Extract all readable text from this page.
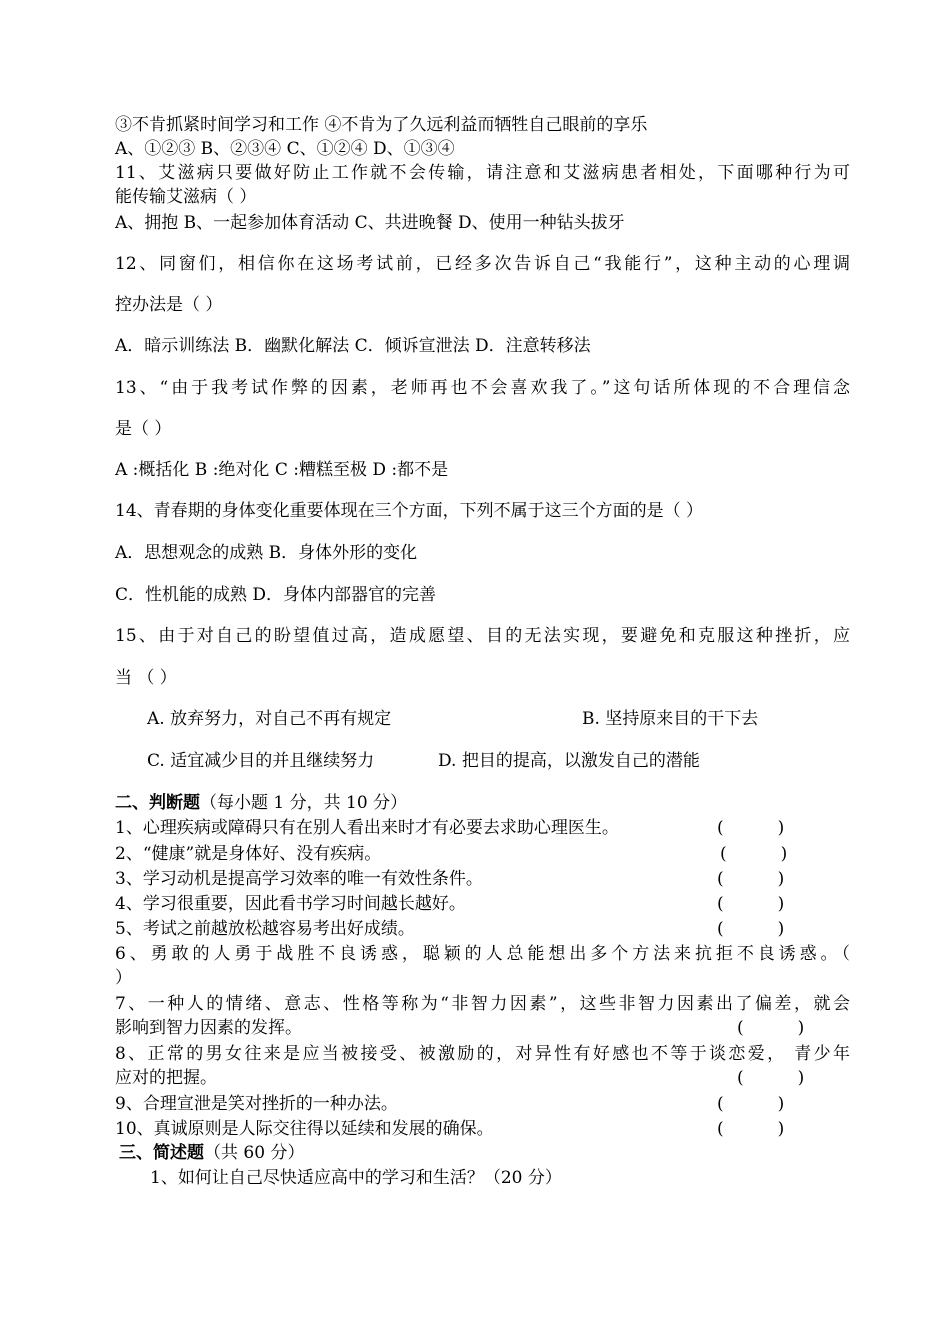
③不肯抓紧时间学习和工作 ④不肯为了久远利益而牺牲自己眼前的享乐
A、①②③ B、②③④ C、①②④ D、①③④
11、艾滋病只要做好防止工作就不会传输，请注意和艾滋病患者相处，下面哪种行为可
能传输艾滋病（ ）
A、拥抱 B、一起参加体育活动 C、共进晚餐 D、使用一种钻头拔牙
12、同窗们，相信你在这场考试前，已经多次告诉自己“我能行”，这种主动的心理调
控办法是（ ）
A．暗示训练法 B．幽默化解法 C．倾诉宣泄法 D．注意转移法
13、“由于我考试作弊的因素，老师再也不会喜欢我了。”这句话所体现的不合理信念
是（ ）
A :概括化 B :绝对化 C :糟糕至极 D :都不是
14、青春期的身体变化重要体现在三个方面，下列不属于这三个方面的是（ ）
A．思想观念的成熟 B．身体外形的变化
C．性机能的成熟 D．身体内部器官的完善
15、由于对自己的盼望值过高，造成愿望、目的无法实现，要避免和克服这种挫折，应
当 （ ）
A. 放弃努力，对自己不再有规定	B. 坚持原来目的干下去
C. 适宜减少目的并且继续努力	D. 把目的提高，以激发自己的潜能
二、判断题（每小题 1 分，共 10 分）
1、心理疾病或障碍只有在别人看出来时才有必要去求助心理医生。	(          )
2、“健康”就是身体好、没有疾病。	(          )
3、学习动机是提高学习效率的唯一有效性条件。	(          )
4、学习很重要，因此看书学习时间越长越好。	(          )
5、考试之前越放松越容易考出好成绩。	(          )
6、勇敢的人勇于战胜不良诱惑，聪颖的人总能想出多个方法来抗拒不良诱惑。（
）
7、一种人的情绪、意志、性格等称为“非智力因素”，这些非智力因素出了偏差，就会
影响到智力因素的发挥。	(          )
8、正常的男女往来是应当被接受、被激励的，对异性有好感也不等于谈恋爱， 青少年
应对的把握。	(          )
9、合理宣泄是笑对挫折的一种办法。	(          )
10、真诚原则是人际交往得以延续和发展的确保。	(          )
三、简述题（共 60 分）
1、如何让自己尽快适应高中的学习和生活？（20 分）
